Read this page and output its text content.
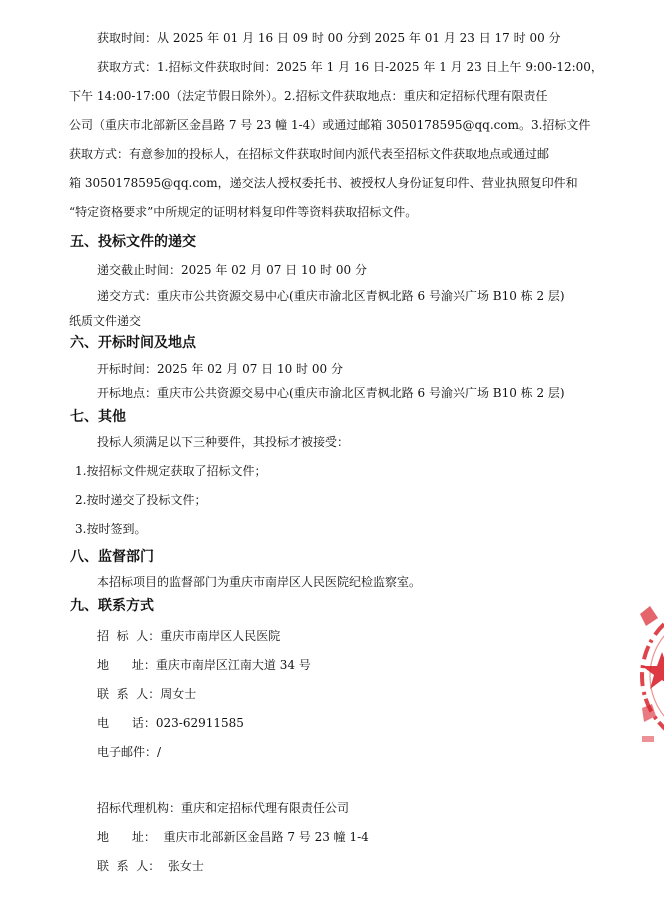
获取时间：从 2025 年 01 月 16 日 09 时 00 分到 2025 年 01 月 23 日 17 时 00 分
获取方式：1.招标文件获取时间：2025 年 1 月 16 日-2025 年 1 月 23 日上午 9:00-12:00，
下午 14:00-17:00（法定节假日除外）。2.招标文件获取地点：重庆和定招标代理有限责任
公司（重庆市北部新区金昌路 7 号 23 幢 1-4）或通过邮箱 3050178595@qq.com。3.招标文件
获取方式：有意参加的投标人，在招标文件获取时间内派代表至招标文件获取地点或通过邮
箱 3050178595@qq.com，递交法人授权委托书、被授权人身份证复印件、营业执照复印件和
“特定资格要求”中所规定的证明材料复印件等资料获取招标文件。
五、投标文件的递交
递交截止时间：2025 年 02 月 07 日 10 时 00 分
递交方式：重庆市公共资源交易中心(重庆市渝北区青枫北路 6 号渝兴广场 B10 栋 2 层)
纸质文件递交
六、开标时间及地点
开标时间：2025 年 02 月 07 日 10 时 00 分
开标地点：重庆市公共资源交易中心(重庆市渝北区青枫北路 6 号渝兴广场 B10 栋 2 层)
七、其他
投标人须满足以下三种要件，其投标才被接受：
1.按招标文件规定获取了招标文件；
2.按时递交了投标文件；
3.按时签到。
八、监督部门
本招标项目的监督部门为重庆市南岸区人民医院纪检监察室。
九、联系方式
招  标  人：重庆市南岸区人民医院
地      址：重庆市南岸区江南大道 34 号
联  系  人：周女士
电      话：023-62911585
电子邮件：/
招标代理机构：重庆和定招标代理有限责任公司
地      址：  重庆市北部新区金昌路 7 号 23 幢 1-4
联  系  人：  张女士
